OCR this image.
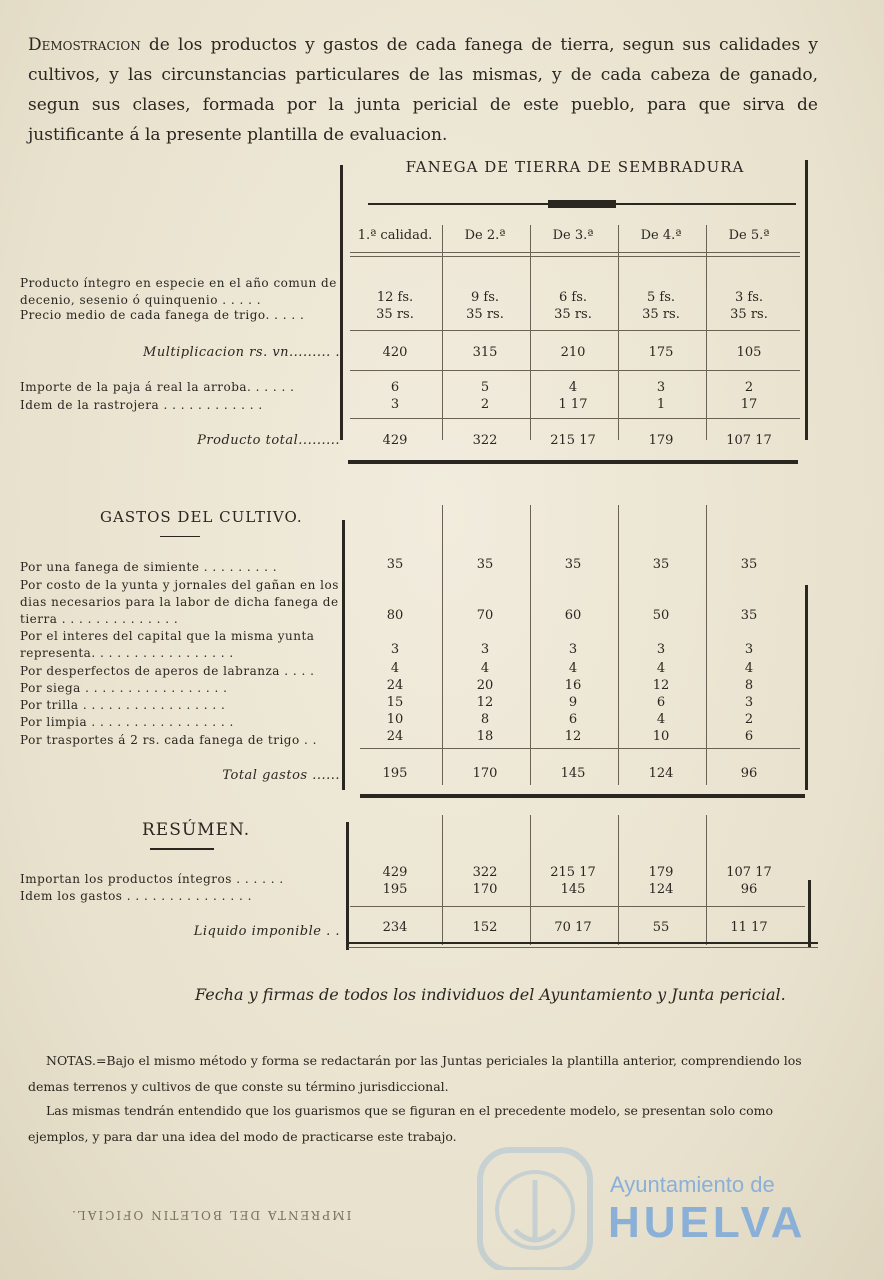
Demostracion de los productos y gastos de cada fanega de tierra, segun sus calidades y cultivos, y las circunstancias particulares de las mismas, y de cada cabeza de ganado, segun sus clases, formada por la junta pericial de este pueblo, para que sirva de justificante á la presente plantilla de evaluacion.
FANEGA DE TIERRA DE SEMBRADURA
1.ª calidad.	De 2.ª	De 3.ª	De 4.ª	De 5.ª
Producto íntegro en especie en el año comun de decenio, sesenio ó quinquenio . . . . .	12 fs.	9 fs.	6 fs.	5 fs.	3 fs.
Precio medio de cada fanega de trigo. . . . .	35 rs.	35 rs.	35 rs.	35 rs.	35 rs.
Multiplicacion rs. vn......... .	420	315	210	175	105
Importe de la paja á real la arroba. . . . . .	6	5	4	3	2
Idem de la rastrojera . . . . . . . . . . . .	3	2	1 17	1	17
Producto total.........	429	322	215 17	179	107 17
GASTOS DEL CULTIVO.
Por una fanega de simiente . . . . . . . . .	35	35	35	35	35
Por costo de la yunta y jornales del gañan en los dias necesarios para la labor de dicha fanega de tierra . . . . . . . . . . . . . .	80	70	60	50	35
Por el interes del capital que la misma yunta representa. . . . . . . . . . . . . . . . .	3	3	3	3	3
Por desperfectos de aperos de labranza . . . .	4	4	4	4	4
Por siega . . . . . . . . . . . . . . . . .	24	20	16	12	8
Por trilla . . . . . . . . . . . . . . . . .	15	12	9	6	3
Por limpia . . . . . . . . . . . . . . . . .	10	8	6	4	2
Por trasportes á 2 rs. cada fanega de trigo . .	24	18	12	10	6
Total gastos ......	195	170	145	124	96
RESÚMEN.
Importan los productos íntegros . . . . . .	429	322	215 17	179	107 17
Idem los gastos . . . . . . . . . . . . . . .	195	170	145	124	96
Liquido imponible . .	234	152	70 17	55	11 17
Fecha y firmas de todos los individuos del Ayuntamiento y Junta pericial.
NOTAS.=Bajo el mismo método y forma se redactarán por las Juntas periciales la plantilla anterior, comprendiendo los demas terrenos y cultivos de que conste su término jurisdiccional.
Las mismas tendrán entendido que los guarismos que se figuran en el precedente modelo, se presentan solo como ejemplos, y para dar una idea del modo de practicarse este trabajo.
Ayuntamiento de
HUELVA
IMPRENTA DEL BOLETIN OFICIAL.
